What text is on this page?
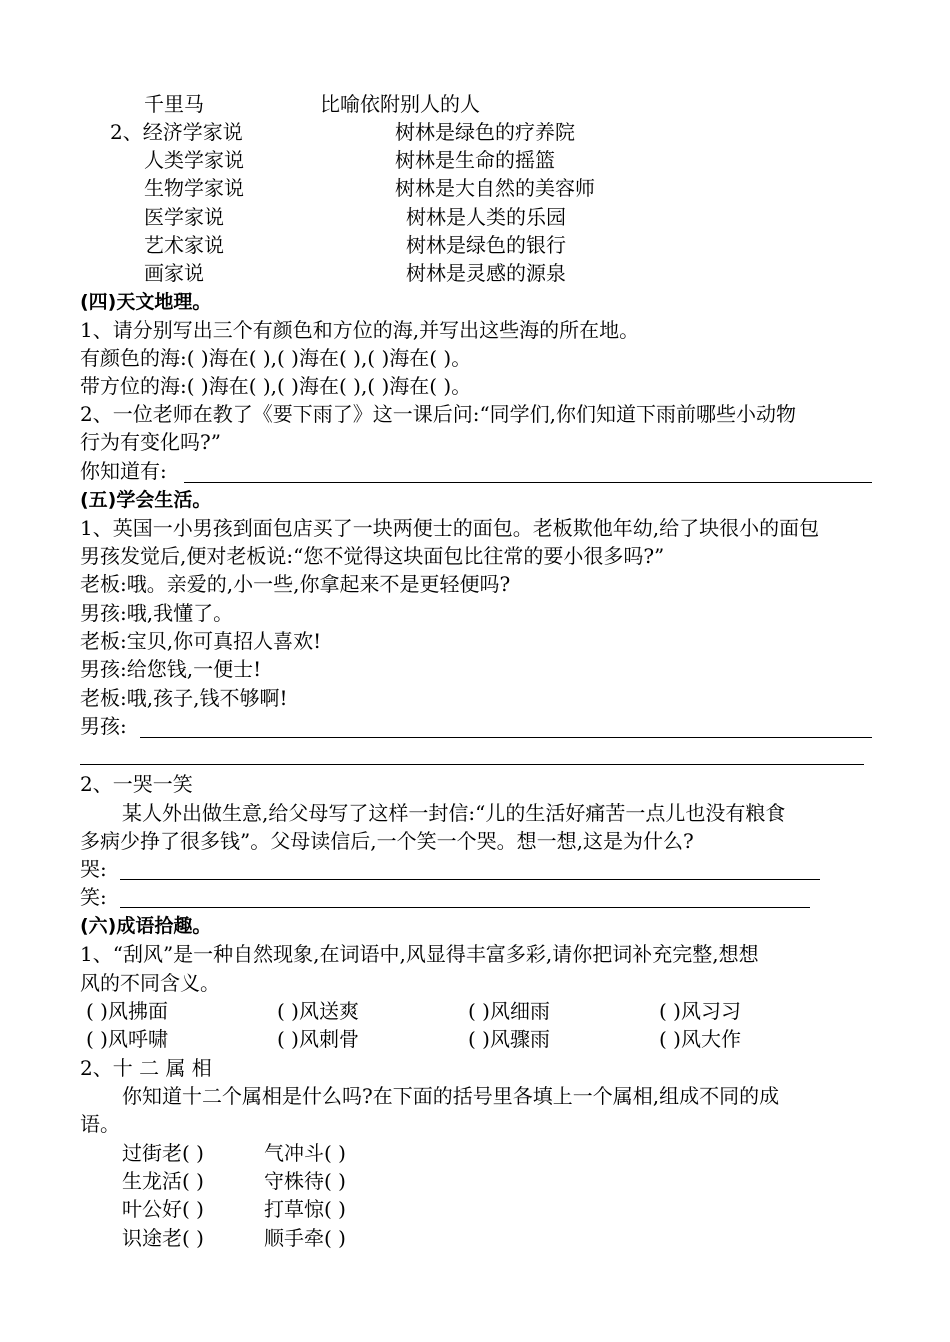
千里马	比喻依附别人的人
2、经济学家说	树林是绿色的疗养院
人类学家说	树林是生命的摇篮
生物学家说	树林是大自然的美容师
医学家说	树林是人类的乐园
艺术家说	树林是绿色的银行
画家说	树林是灵感的源泉
(四)天文地理。
1、请分别写出三个有颜色和方位的海,并写出这些海的所在地。
有颜色的海:( )海在( ),( )海在( ),( )海在( )。
带方位的海:( )海在( ),( )海在( ),( )海在( )。
2、一位老师在教了《要下雨了》这一课后问:“同学们,你们知道下雨前哪些小动物
行为有变化吗?”
你知道有:
(五)学会生活。
1、英国一小男孩到面包店买了一块两便士的面包。老板欺他年幼,给了块很小的面包
男孩发觉后,便对老板说:“您不觉得这块面包比往常的要小很多吗?”
老板:哦。亲爱的,小一些,你拿起来不是更轻便吗?
男孩:哦,我懂了。
老板:宝贝,你可真招人喜欢!
男孩:给您钱,一便士!
老板:哦,孩子,钱不够啊!
男孩:
2、一哭一笑
某人外出做生意,给父母写了这样一封信:“儿的生活好痛苦一点儿也没有粮食
多病少挣了很多钱”。父母读信后,一个笑一个哭。想一想,这是为什么?
哭:
笑:
(六)成语拾趣。
1、“刮风”是一种自然现象,在词语中,风显得丰富多彩,请你把词补充完整,想想
风的不同含义。
( )风拂面	( )风送爽	( )风细雨	( )风习习
( )风呼啸	( )风刺骨	( )风骤雨	( )风大作
2、十 二 属 相
你知道十二个属相是什么吗?在下面的括号里各填上一个属相,组成不同的成
语。
过街老( )	气冲斗( )
生龙活( )	守株待( )
叶公好( )	打草惊( )
识途老( )	顺手牵( )
